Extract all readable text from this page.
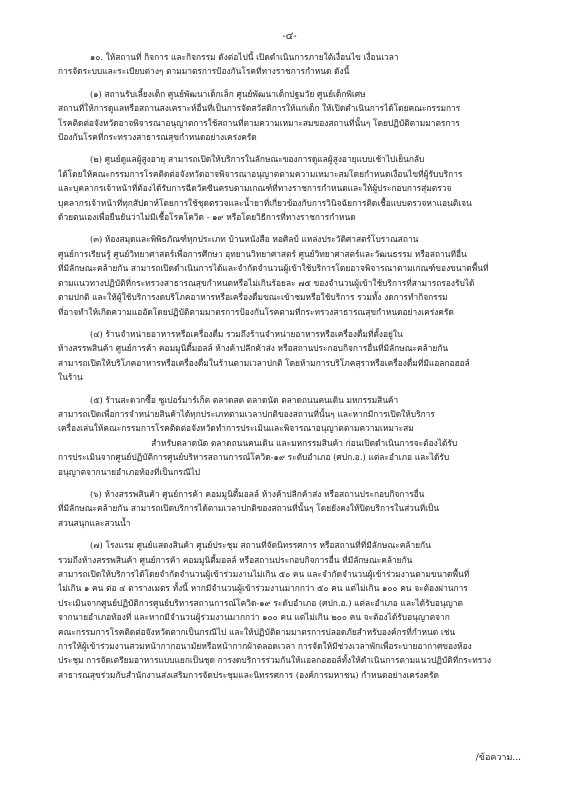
-๔-
๑๐. ให้สถานที่ กิจการ และกิจกรรม ดังต่อไปนี้ เปิดดำเนินการภายใต้เงื่อนไข เงื่อนเวลา
การจัดระบบและระเบียบต่างๆ ตามมาตรการป้องกันโรคที่ทางราชการกำหนด ดังนี้
(๑) สถานรับเลี้ยงเด็ก ศูนย์พัฒนาเด็กเล็ก ศูนย์พัฒนาเด็กปฐมวัย ศูนย์เด็กพิเศษ
สถานที่ให้การดูแลหรือสถานสงเคราะห์อื่นที่เป็นการจัดสวัสดิการให้แก่เด็ก ให้เปิดดำเนินการได้โดยคณะกรรมการ
โรคติดต่อจังหวัดอาจพิจารณาอนุญาตการใช้สถานที่ตามความเหมาะสมของสถานที่นั้นๆ โดยปฏิบัติตามมาตรการ
ป้องกันโรคที่กระทรวงสาธารณสุขกำหนดอย่างเคร่งครัด
(๒) ศูนย์ดูแลผู้สูงอายุ สามารถเปิดให้บริการในลักษณะของการดูแลผู้สูงอายุแบบเช้าไปเย็นกลับ
ได้โดยให้คณะกรรมการโรคติดต่อจังหวัดอาจพิจารณาอนุญาตตามความเหมาะสมโดยกำหนดเงื่อนไขที่ผู้รับบริการ
และบุคลากรเจ้าหน้าที่ต้องได้รับการฉีดวัคซีนครบตามเกณฑ์ที่ทางราชการกำหนดและให้ผู้ประกอบการสุ่มตรวจ
บุคลากรเจ้าหน้าที่ทุกสัปดาห์โดยการใช้ชุดตรวจและน้ำยาที่เกี่ยวข้องกับการวินิจฉัยการติดเชื้อแบบตรวจหาแอนติเจน
ด้วยตนเองเพื่อยืนยันว่าไม่มีเชื้อโรคโควิด - ๑๙ หรือโดยวิธีการที่ทางราชการกำหนด
(๓) ห้องสมุดและพิพิธภัณฑ์ทุกประเภท บ้านหนังสือ หอศิลป์ แหล่งประวัติศาสตร์โบราณสถาน
ศูนย์การเรียนรู้ ศูนย์วิทยาศาสตร์เพื่อการศึกษา อุทยานวิทยาศาสตร์ ศูนย์วิทยาศาสตร์และวัฒนธรรม หรือสถานที่อื่น
ที่มีลักษณะคล้ายกัน สามารถเปิดดำเนินการได้และจำกัดจำนวนผู้เข้าใช้บริการโดยอาจพิจารณาตามเกณฑ์ของขนาดพื้นที่
ตามแนวทางปฏิบัติที่กระทรวงสาธารณสุขกำหนดหรือไม่เกินร้อยละ ๗๕ ของจำนวนผู้เข้าใช้บริการที่สามารถรองรับได้
ตามปกติ และให้ผู้ใช้บริการงดบริโภคอาหารหรือเครื่องดื่มขณะเข้าชมหรือใช้บริการ รวมทั้ง งดการทำกิจกรรม
ที่อาจทำให้เกิดความแออัดโดยปฏิบัติตามมาตรการป้องกันโรคตามที่กระทรวงสาธารณสุขกำหนดอย่างเคร่งครัด
(๔) ร้านจำหน่ายอาหารหรือเครื่องดื่ม รวมถึงร้านจำหน่ายอาหารหรือเครื่องดื่มที่ตั้งอยู่ใน
ห้างสรรพสินค้า ศูนย์การค้า คอมมูนิตี้มอลล์ ห้างค้าปลีกค้าส่ง หรือสถานประกอบกิจการอื่นที่มีลักษณะคล้ายกัน
สามารถเปิดให้บริโภคอาหารหรือเครื่องดื่มในร้านตามเวลาปกติ โดยห้ามการบริโภคสุราหรือเครื่องดื่มที่มีแอลกอฮอล์
ในร้าน
(๕) ร้านสะดวกซื้อ ซูเปอร์มาร์เก็ต ตลาดสด ตลาดนัด ตลาดถนนคนเดิน มหกรรมสินค้า
สามารถเปิดเพื่อการจำหน่ายสินค้าได้ทุกประเภทตามเวลาปกติของสถานที่นั้นๆ และหากมีการเปิดให้บริการ
เครื่องเล่นให้คณะกรรมการโรคติดต่อจังหวัดทำการประเมินและพิจารณาอนุญาตตามความเหมาะสม
สำหรับตลาดนัด ตลาดถนนคนเดิน และมหกรรมสินค้า ก่อนเปิดดำเนินการจะต้องได้รับ
การประเมินจากศูนย์ปฏิบัติการศูนย์บริหารสถานการณ์โควิด-๑๙ ระดับอำเภอ (ศปก.อ.) แต่ละอำเภอ และได้รับ
อนุญาตจากนายอำเภอท้องที่เป็นกรณีไป
(๖) ห้างสรรพสินค้า ศูนย์การค้า คอมมูนิตี้มอลล์ ห้างค้าปลีกค้าส่ง หรือสถานประกอบกิจการอื่น
ที่มีลักษณะคล้ายกัน สามารถเปิดบริการได้ตามเวลาปกติของสถานที่นั้นๆ โดยยังคงให้ปิดบริการในส่วนที่เป็น
สวนสนุกและสวนน้ำ
(๗) โรงแรม ศูนย์แสดงสินค้า ศูนย์ประชุม สถานที่จัดนิทรรศการ หรือสถานที่ที่มีลักษณะคล้ายกัน
รวมถึงห้างสรรพสินค้า ศูนย์การค้า คอมมูนิตี้มอลล์ หรือสถานประกอบกิจการอื่น ที่มีลักษณะคล้ายกัน
สามารถเปิดให้บริการได้โดยจำกัดจำนวนผู้เข้าร่วมงานไม่เกิน ๕๐ คน และจำกัดจำนวนผู้เข้าร่วมงานตามขนาดพื้นที่
ไม่เกิน ๑ คน ต่อ ๔ ตารางเมตร ทั้งนี้ หากมีจำนวนผู้เข้าร่วมงานมากกว่า ๕๐ คน แต่ไม่เกิน ๑๐๐ คน จะต้องผ่านการ
ประเมินจากศูนย์ปฏิบัติการศูนย์บริหารสถานการณ์โควิด-๑๙ ระดับอำเภอ (ศปก.อ.) แต่ละอำเภอ และได้รับอนุญาต
จากนายอำเภอท้องที่ และหากมีจำนวนผู้ร่วมงานมากกว่า ๑๐๐ คน แต่ไม่เกิน ๒๐๐ คน จะต้องได้รับอนุญาตจาก
คณะกรรมการโรคติดต่อจังหวัดตากเป็นกรณีไป และให้ปฏิบัติตามมาตรการปลอดภัยสำหรับองค์กรที่กำหนด เช่น
การให้ผู้เข้าร่วมงานสวมหน้ากากอนามัยหรือหน้ากากผ้าตลอดเวลา การจัดให้มีช่วงเวลาพักเพื่อระบายอากาศของห้อง
ประชุม การจัดเตรียมอาหารแบบแยกเป็นชุด การงดบริการร่วมกันให้แอลกอฮอล์ทั้งให้ดำเนินการตามแนวปฏิบัติที่กระทรวง
สาธารณสุขร่วมกับสำนักงานส่งเสริมการจัดประชุมและนิทรรศการ (องค์การมหาชน) กำหนดอย่างเคร่งครัด
/ข้อความ...
